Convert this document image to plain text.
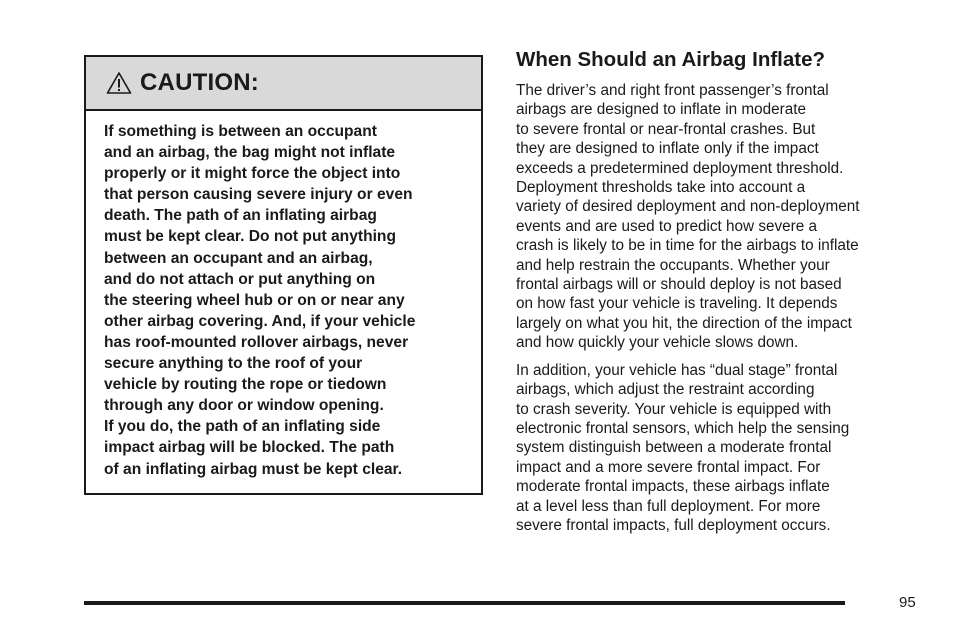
CAUTION:
If something is between an occupant
and an airbag, the bag might not inflate
properly or it might force the object into
that person causing severe injury or even
death. The path of an inflating airbag
must be kept clear. Do not put anything
between an occupant and an airbag,
and do not attach or put anything on
the steering wheel hub or on or near any
other airbag covering. And, if your vehicle
has roof-mounted rollover airbags, never
secure anything to the roof of your
vehicle by routing the rope or tiedown
through any door or window opening.
If you do, the path of an inflating side
impact airbag will be blocked. The path
of an inflating airbag must be kept clear.
When Should an Airbag Inflate?
The driver’s and right front passenger’s frontal
airbags are designed to inflate in moderate
to severe frontal or near-frontal crashes. But
they are designed to inflate only if the impact
exceeds a predetermined deployment threshold.
Deployment thresholds take into account a
variety of desired deployment and non-deployment
events and are used to predict how severe a
crash is likely to be in time for the airbags to inflate
and help restrain the occupants. Whether your
frontal airbags will or should deploy is not based
on how fast your vehicle is traveling. It depends
largely on what you hit, the direction of the impact
and how quickly your vehicle slows down.
In addition, your vehicle has “dual stage” frontal
airbags, which adjust the restraint according
to crash severity. Your vehicle is equipped with
electronic frontal sensors, which help the sensing
system distinguish between a moderate frontal
impact and a more severe frontal impact. For
moderate frontal impacts, these airbags inflate
at a level less than full deployment. For more
severe frontal impacts, full deployment occurs.
95
